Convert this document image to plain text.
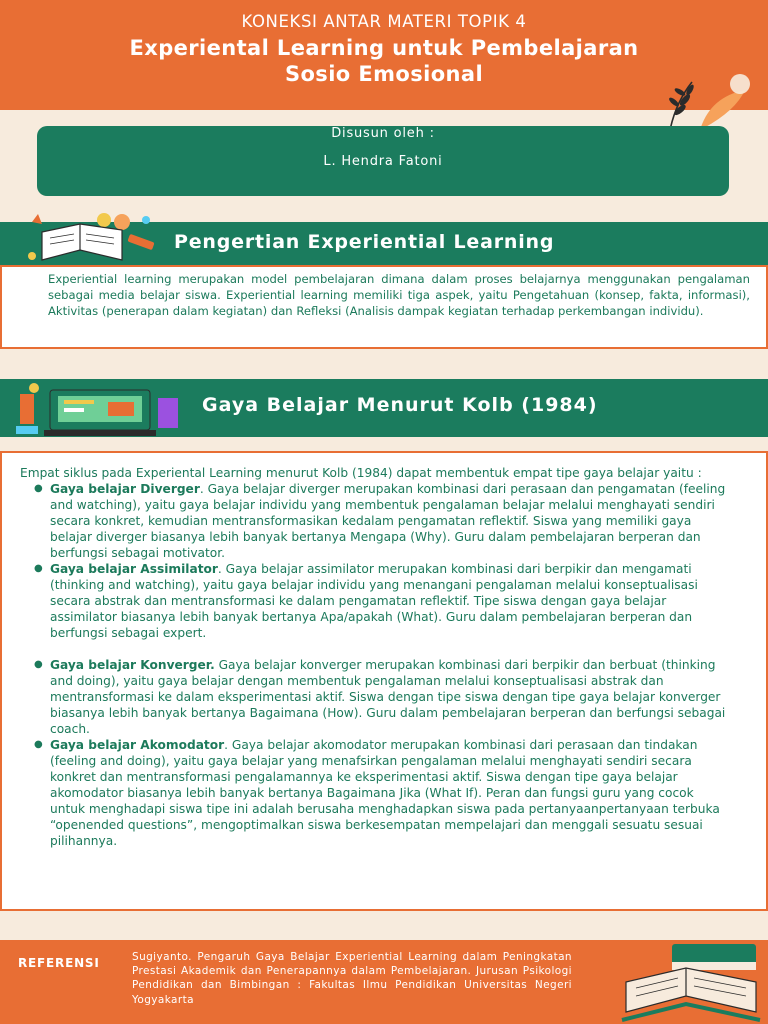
KONEKSI ANTAR MATERI TOPIK 4
Experiental Learning untuk Pembelajaran
Sosio Emosional
Disusun oleh :
L. Hendra Fatoni
Pengertian Experiential Learning

Experiential learning merupakan model pembelajaran dimana dalam proses belajarnya menggunakan pengalaman sebagai media belajar siswa. Experiential learning memiliki tiga aspek, yaitu Pengetahuan (konsep, fakta, informasi), Aktivitas (penerapan dalam kegiatan) dan Refleksi (Analisis dampak kegiatan terhadap perkembangan individu).

Gaya Belajar Menurut Kolb (1984)

Empat siklus pada Experiental Learning menurut Kolb (1984) dapat membentuk empat tipe gaya belajar yaitu :

● Gaya belajar Diverger. Gaya belajar diverger merupakan kombinasi dari perasaan dan pengamatan (feeling and watching), yaitu gaya belajar individu yang membentuk pengalaman belajar melalui menghayati sendiri secara konkret, kemudian mentransformasikan kedalam pengamatan reflektif. Siswa yang memiliki gaya belajar diverger biasanya lebih banyak bertanya Mengapa (Why). Guru dalam pembelajaran berperan dan berfungsi sebagai motivator.
● Gaya belajar Assimilator. Gaya belajar assimilator merupakan kombinasi dari berpikir dan mengamati (thinking and watching), yaitu gaya belajar individu yang menangani pengalaman melalui konseptualisasi secara abstrak dan mentransformasi ke dalam pengamatan reflektif. Tipe siswa dengan gaya belajar assimilator biasanya lebih banyak bertanya Apa/apakah (What). Guru dalam pembelajaran berperan dan berfungsi sebagai expert.
● Gaya belajar Konverger. Gaya belajar konverger merupakan kombinasi dari berpikir dan berbuat (thinking and doing), yaitu gaya belajar dengan membentuk pengalaman melalui konseptualisasi abstrak dan mentransformasi ke dalam eksperimentasi aktif. Siswa dengan tipe siswa dengan tipe gaya belajar konverger biasanya lebih banyak bertanya Bagaimana (How). Guru dalam pembelajaran berperan dan berfungsi sebagai coach.
● Gaya belajar Akomodator. Gaya belajar akomodator merupakan kombinasi dari perasaan dan tindakan (feeling and doing), yaitu gaya belajar yang menafsirkan pengalaman melalui menghayati sendiri secara konkret dan mentransformasi pengalamannya ke eksperimentasi aktif. Siswa dengan tipe gaya belajar akomodator biasanya lebih banyak bertanya Bagaimana Jika (What If). Peran dan fungsi guru yang cocok untuk menghadapi siswa tipe ini adalah berusaha menghadapkan siswa pada pertanyaanpertanyaan terbuka “openended questions”, mengoptimalkan siswa berkesempatan mempelajari dan menggali sesuatu sesuai pilihannya.
REFERENSI	Sugiyanto. Pengaruh Gaya Belajar Experiential Learning dalam Peningkatan Prestasi Akademik dan Penerapannya dalam Pembelajaran. Jurusan Psikologi Pendidikan dan Bimbingan : Fakultas Ilmu Pendidikan Universitas Negeri Yogyakarta
